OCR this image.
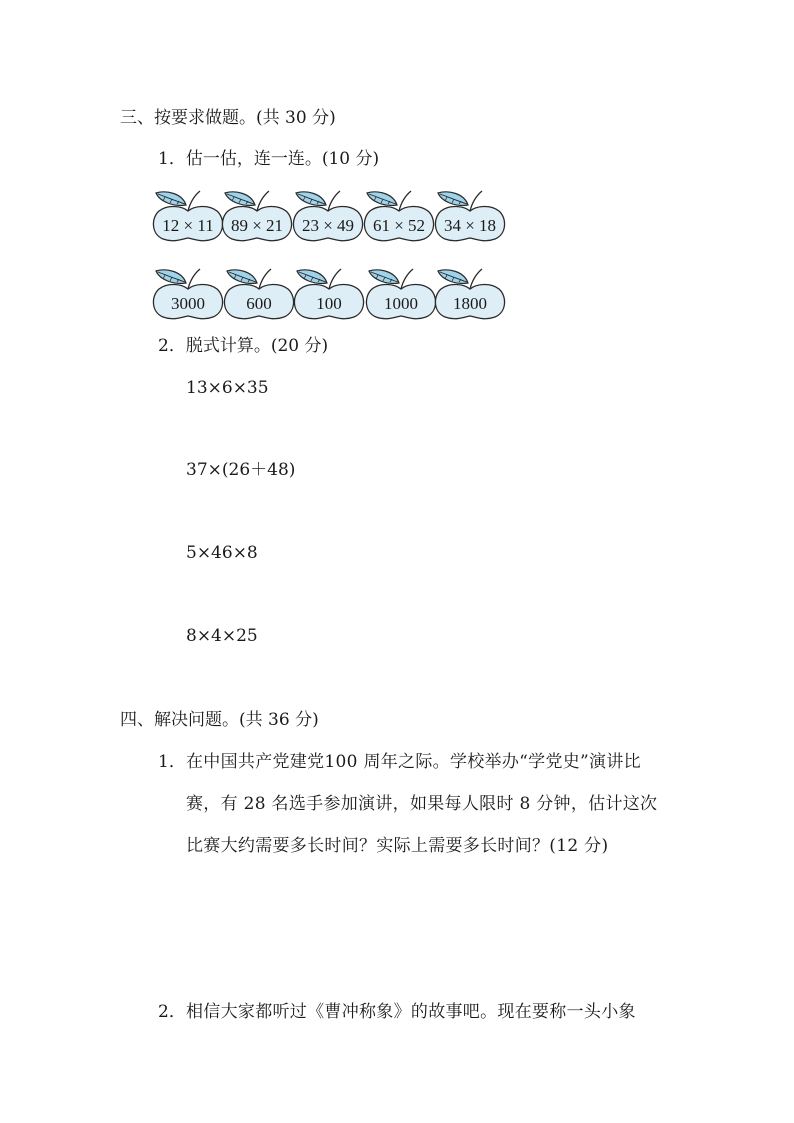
三、按要求做题。(共 30 分)
1．估一估，连一连。(10 分)
12 × 11	89 × 21	23 × 49	61 × 52	34 × 18
3000	600	100	1000	1800
2．脱式计算。(20 分)
13×6×35
37×(26＋48)
5×46×8
8×4×25
四、解决问题。(共 36 分)
1． 在中国共产党建党100 周年之际。学校举办“学党史”演讲比
赛，有 28 名选手参加演讲，如果每人限时 8 分钟，估计这次
比赛大约需要多长时间？实际上需要多长时间？(12 分)
2． 相信大家都听过《曹冲称象》的故事吧。现在要称一头小象
